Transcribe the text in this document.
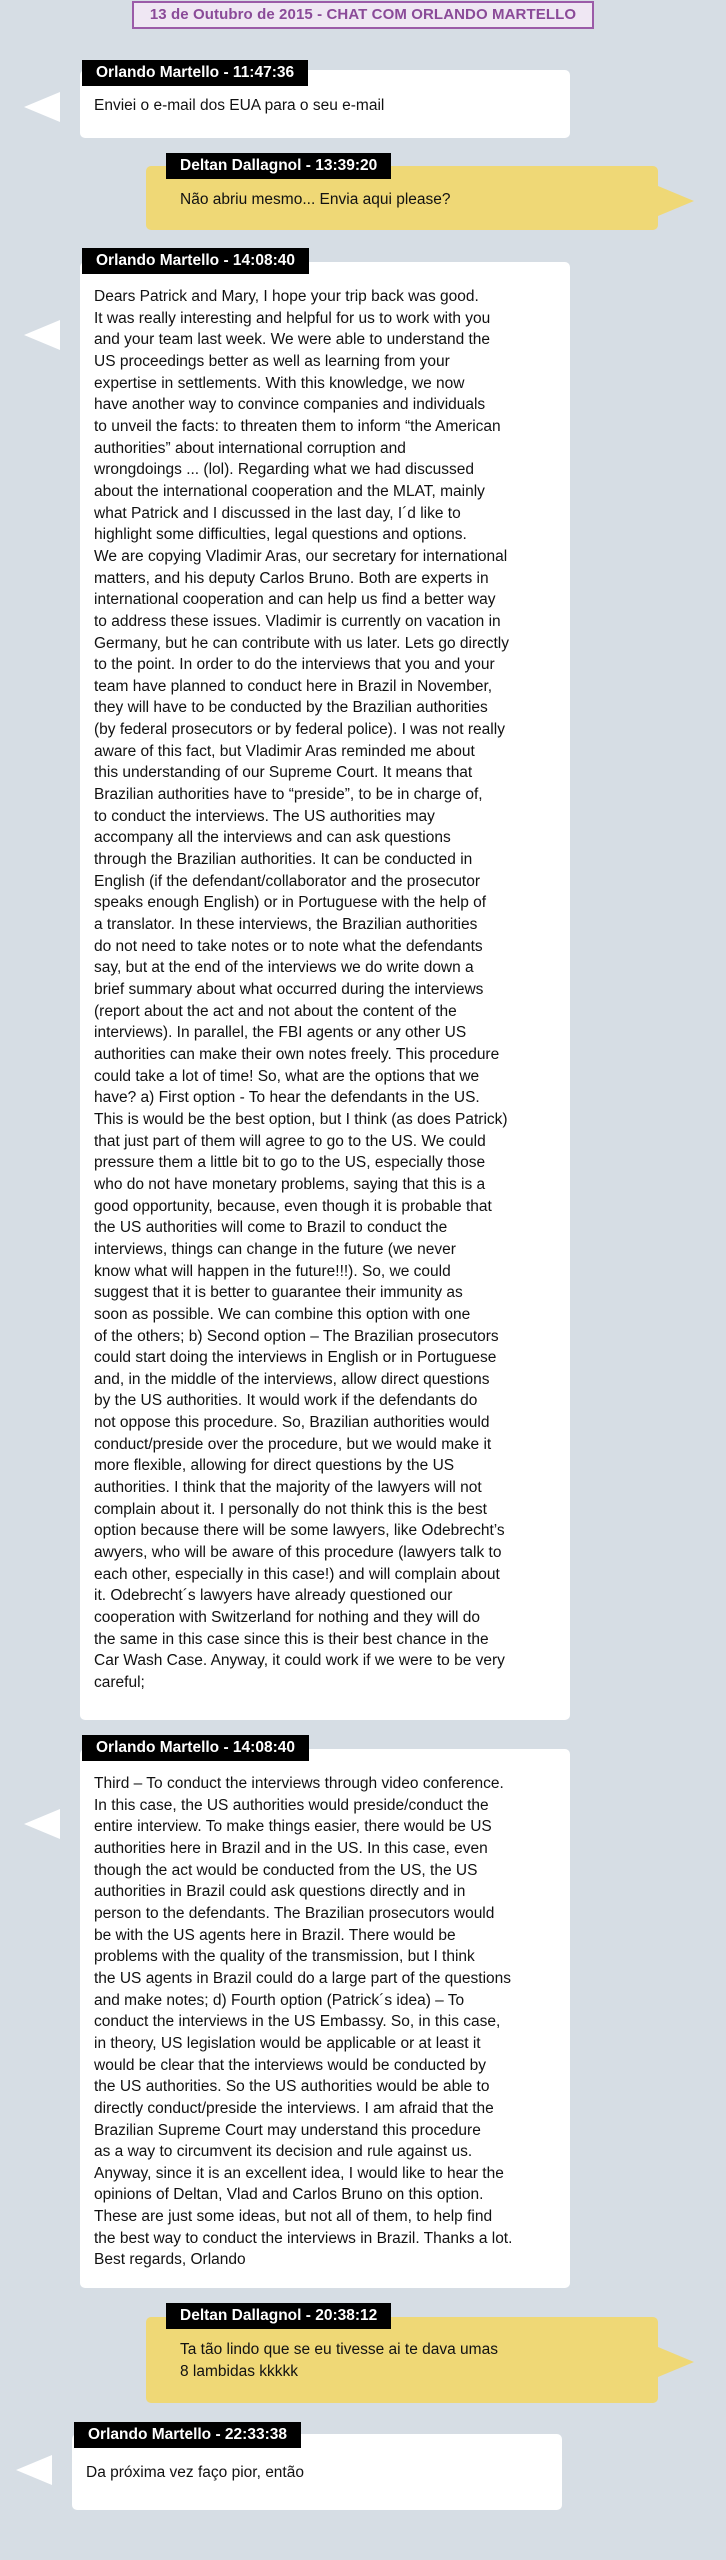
13 de Outubro de 2015 - CHAT COM ORLANDO MARTELLO
Orlando Martello - 11:47:36
Enviei o e-mail dos EUA para o seu e-mail
Deltan Dallagnol - 13:39:20
Não abriu mesmo... Envia aqui please?
Orlando Martello - 14:08:40
Dears Patrick and Mary, I hope your trip back was good.
It was really interesting and helpful for us to work with you
and your team last week. We were able to understand the
US proceedings better as well as learning from your
expertise in settlements. With this knowledge, we now
have another way to convince companies and individuals
to unveil the facts: to threaten them to inform “the American
authorities” about international corruption and
wrongdoings ... (lol). Regarding what we had discussed
about the international cooperation and the MLAT, mainly
what Patrick and I discussed in the last day, I´d like to
highlight some difficulties, legal questions and options.
We are copying Vladimir Aras, our secretary for international
matters, and his deputy Carlos Bruno. Both are experts in
international cooperation and can help us find a better way
to address these issues. Vladimir is currently on vacation in
Germany, but he can contribute with us later. Lets go directly
to the point. In order to do the interviews that you and your
team have planned to conduct here in Brazil in November,
they will have to be conducted by the Brazilian authorities
(by federal prosecutors or by federal police). I was not really
aware of this fact, but Vladimir Aras reminded me about
this understanding of our Supreme Court. It means that
Brazilian authorities have to “preside”, to be in charge of,
to conduct the interviews. The US authorities may
accompany all the interviews and can ask questions
through the Brazilian authorities. It can be conducted in
English (if the defendant/collaborator and the prosecutor
speaks enough English) or in Portuguese with the help of
a translator. In these interviews, the Brazilian authorities
do not need to take notes or to note what the defendants
say, but at the end of the interviews we do write down a
brief summary about what occurred during the interviews
(report about the act and not about the content of the
interviews). In parallel, the FBI agents or any other US
authorities can make their own notes freely. This procedure
could take a lot of time! So, what are the options that we
have? a) First option - To hear the defendants in the US.
This is would be the best option, but I think (as does Patrick)
that just part of them will agree to go to the US. We could
pressure them a little bit to go to the US, especially those
who do not have monetary problems, saying that this is a
good opportunity, because, even though it is probable that
the US authorities will come to Brazil to conduct the
interviews, things can change in the future (we never
know what will happen in the future!!!). So, we could
suggest that it is better to guarantee their immunity as
soon as possible. We can combine this option with one
of the others; b) Second option – The Brazilian prosecutors
could start doing the interviews in English or in Portuguese
and, in the middle of the interviews, allow direct questions
by the US authorities. It would work if the defendants do
not oppose this procedure. So, Brazilian authorities would
conduct/preside over the procedure, but we would make it
more flexible, allowing for direct questions by the US
authorities. I think that the majority of the lawyers will not
complain about it. I personally do not think this is the best
option because there will be some lawyers, like Odebrecht’s
awyers, who will be aware of this procedure (lawyers talk to
each other, especially in this case!) and will complain about
it. Odebrecht´s lawyers have already questioned our
cooperation with Switzerland for nothing and they will do
the same in this case since this is their best chance in the
Car Wash Case. Anyway, it could work if we were to be very
careful;
Orlando Martello - 14:08:40
Third – To conduct the interviews through video conference.
In this case, the US authorities would preside/conduct the
entire interview. To make things easier, there would be US
authorities here in Brazil and in the US. In this case, even
though the act would be conducted from the US, the US
authorities in Brazil could ask questions directly and in
person to the defendants. The Brazilian prosecutors would
be with the US agents here in Brazil. There would be
problems with the quality of the transmission, but I think
the US agents in Brazil could do a large part of the questions
and make notes; d) Fourth option (Patrick´s idea) – To
conduct the interviews in the US Embassy. So, in this case,
in theory, US legislation would be applicable or at least it
would be clear that the interviews would be conducted by
the US authorities. So the US authorities would be able to
directly conduct/preside the interviews. I am afraid that the
Brazilian Supreme Court may understand this procedure
as a way to circumvent its decision and rule against us.
Anyway, since it is an excellent idea, I would like to hear the
opinions of Deltan, Vlad and Carlos Bruno on this option.
These are just some ideas, but not all of them, to help find
the best way to conduct the interviews in Brazil. Thanks a lot.
Best regards, Orlando
Deltan Dallagnol - 20:38:12
Ta tão lindo que se eu tivesse ai te dava umas
8 lambidas kkkkk
Orlando Martello - 22:33:38
Da próxima vez faço pior, então
